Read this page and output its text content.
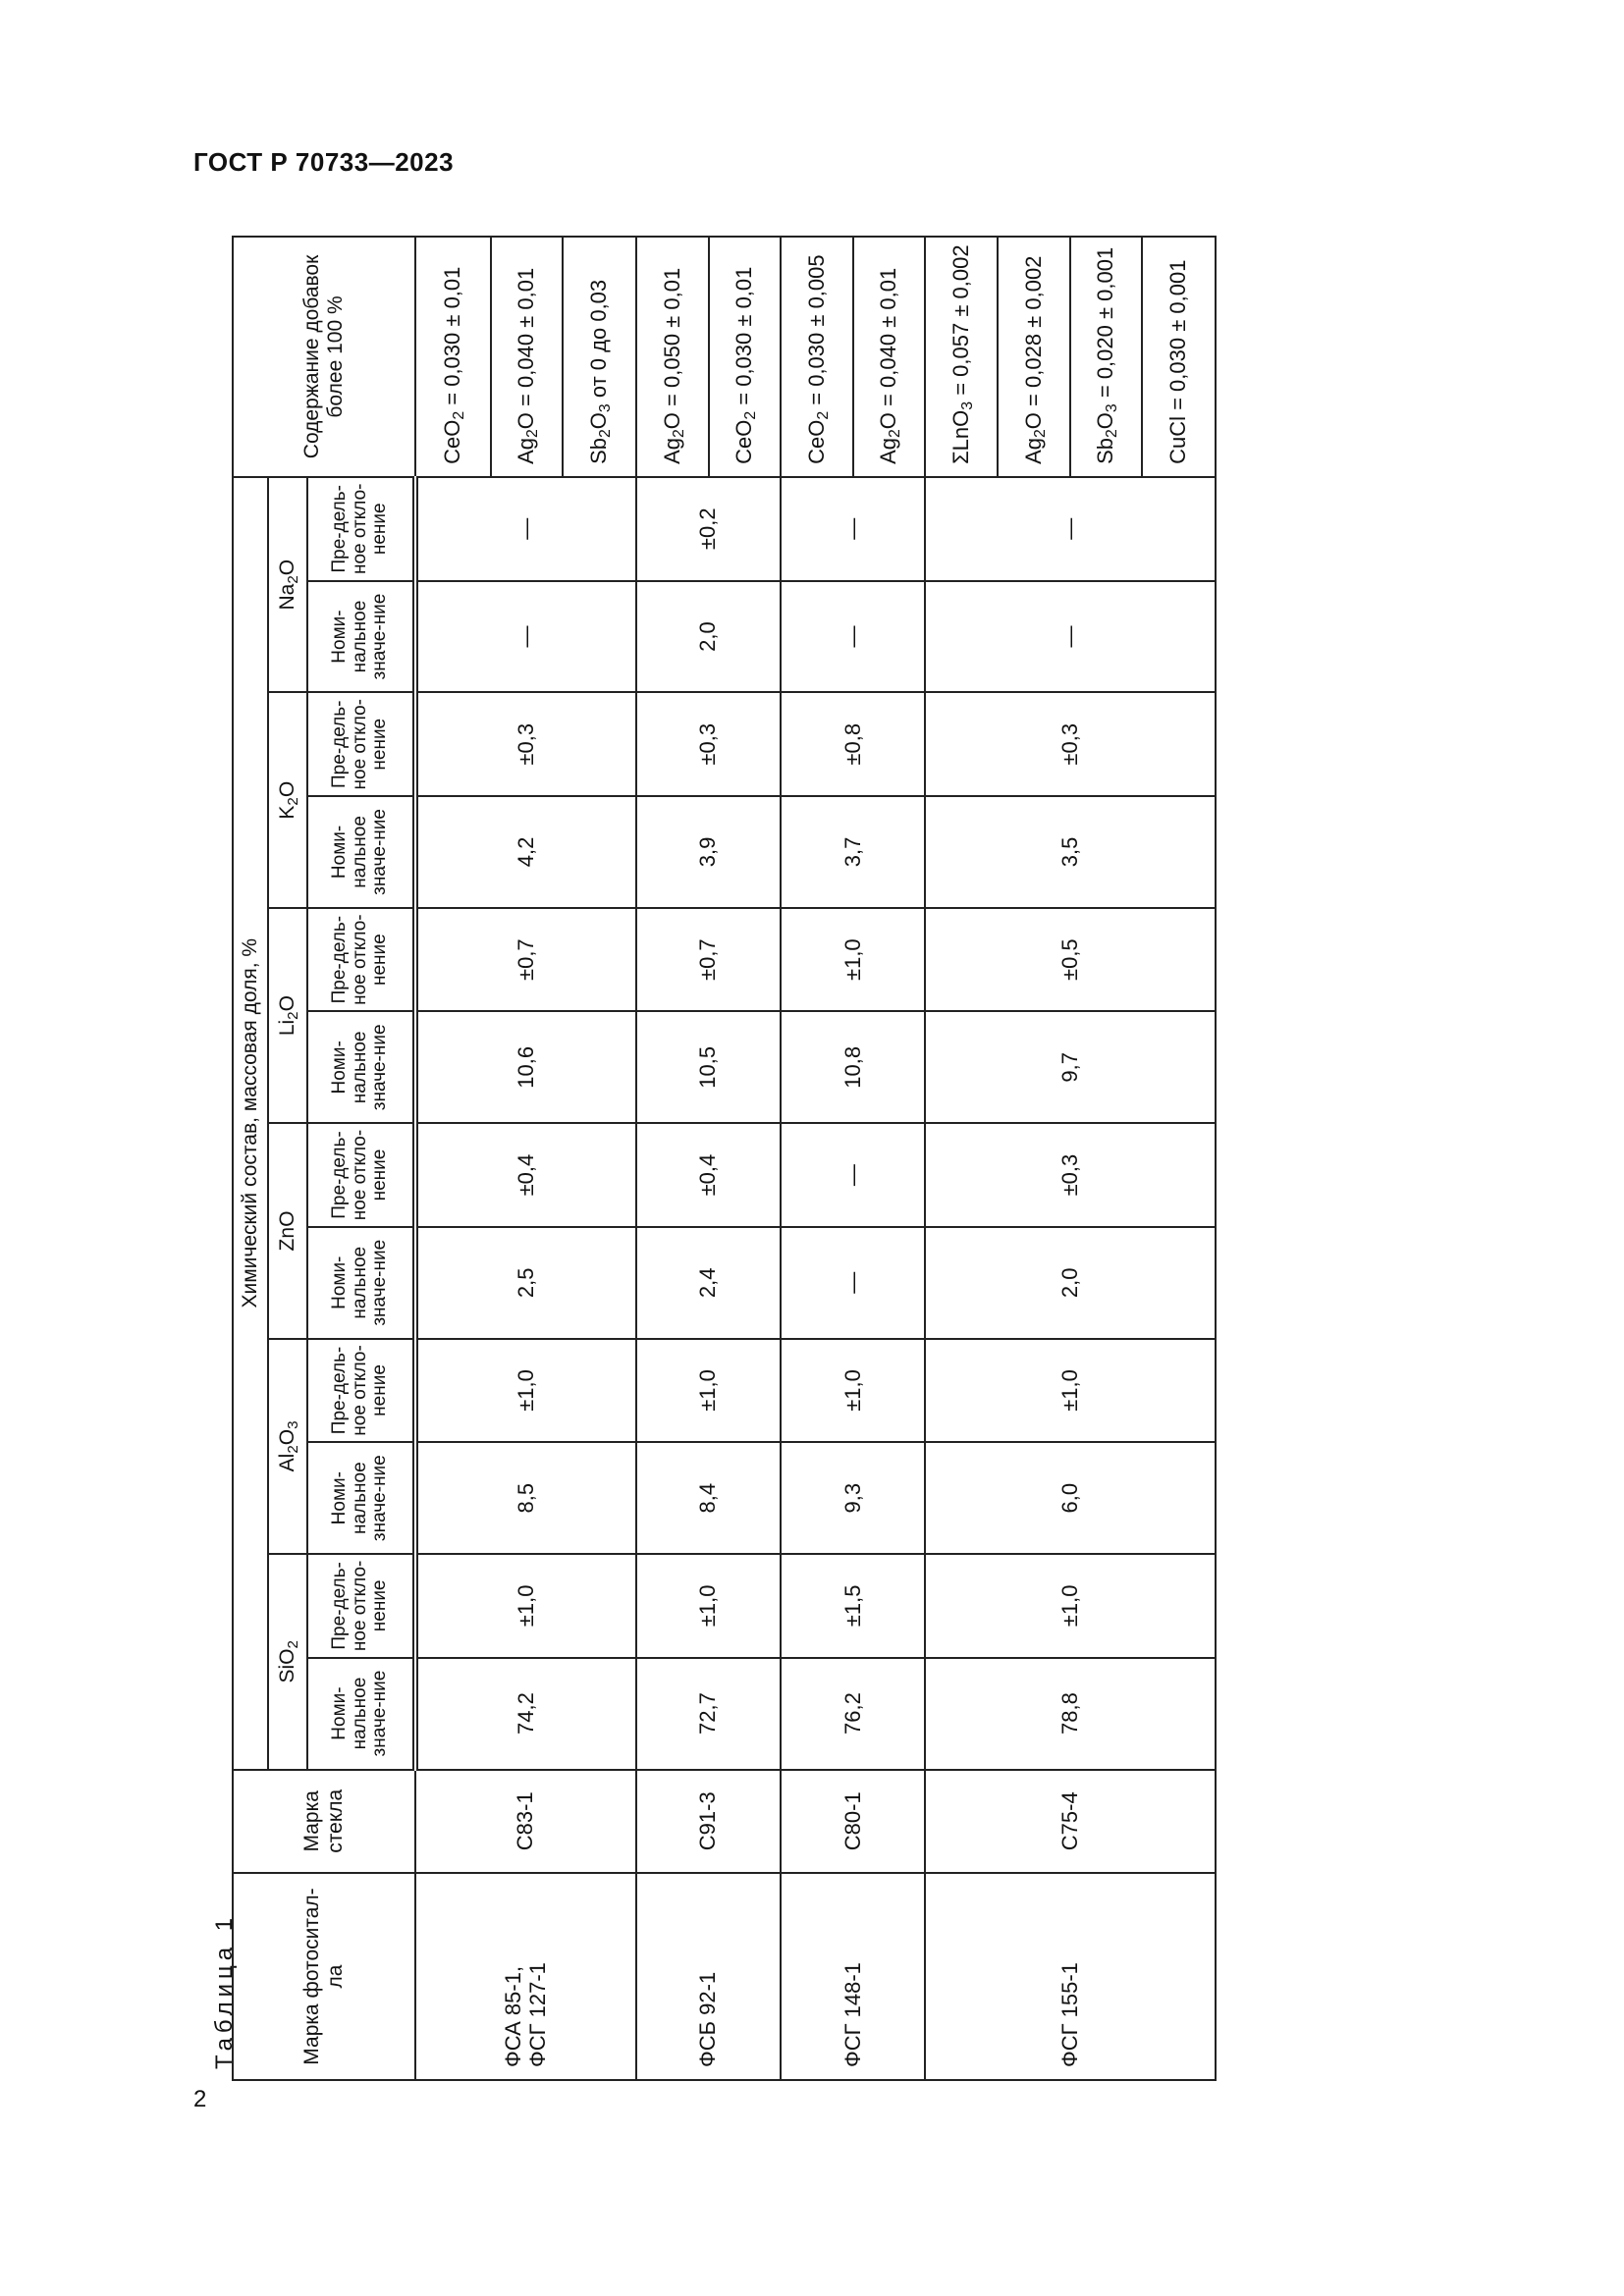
ГОСТ Р 70733—2023
Таблица 1
2
Марка фотоситал-ла	Марка стекла	Химический состав, массовая доля, %												Содержание добавок более 100 %
		SiO$_2$		$Al_2O_3$		ZnO		$Li_2O$		$K_2O$		$Na_2O$		
		Номи-нальное значе-ние	Пре-дель-ное откло-нение	Номи-нальное значе-ние	Пре-дель-ное откло-нение	Номи-нальное значе-ние	Пре-дель-ное откло-нение	Номи-нальное значе-ние	Пре-дель-ное откло-нение	Номи-нальное значе-ние	Пре-дель-ное откло-нение	Номи-нальное значе-ние	Пре-дель-ное откло-нение	
ФСА 85-1,
ФСГ 127-1	С83-1	74,2	±1,0	8,5	±1,0	2,5	±0,4	10,6	±0,7	4,2	±0,3	—	—	CeO$_2$ = 0,030 ± 0,01
														$Ag_2O = 0,040 \pm 0,01$
														$Sb_2O_3$ от 0 до 0,03
ФСБ 92-1	С91-3	72,7	±1,0	8,4	±1,0	2,4	±0,4	10,5	±0,7	3,9	±0,3	2,0	±0,2	$Ag_2O = 0,050 \pm 0,01$
														CeO$_2$ = 0,030 ± 0,01
ФСГ 148-1	С80-1	76,2	±1,5	9,3	±1,0	—	—	10,8	±1,0	3,7	±0,8	—	—	CeO$_2$ = 0,030 ± 0,005
														$Ag_2O = 0,040 \pm 0,01$
ФСГ 155-1	С75-4	78,8	±1,0	6,0	±1,0	2,0	±0,3	9,7	±0,5	3,5	±0,3	—	—	ΣLnO$_3$ = 0,057 ± 0,002
														$Ag_2O = 0,028 \pm 0,002$
														$Sb_2O_3 = 0,020 \pm 0,001$
														CuCl = 0,030 ± 0,001
